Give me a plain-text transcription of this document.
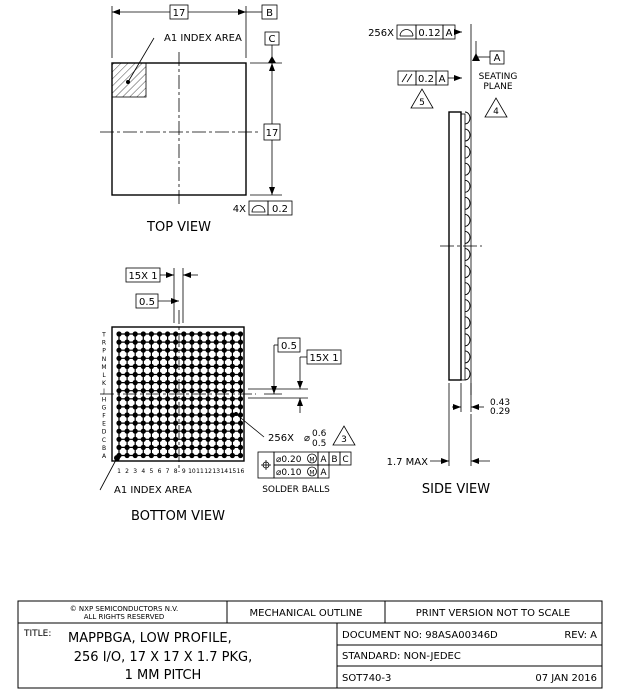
17	B
C
17
A1 INDEX AREA
4X	0.2
TOP VIEW
T
R
P
N
M
L
K
J
H
G
F
E
D
C
B
A
1 2 3 4 5 6 7 8 9 10 11 12 13 14 15 16
15X 1
0.5
0.5
15X 1
256X ⌀ 0.6
0.5 3
⌀0.20 M A B C
⌀0.10 M A
SOLDER BALLS
A1 INDEX AREA
BOTTOM VIEW
256X 0.12 A
0.2 A
5
A
SEATING
PLANE
4
0.43
0.29
1.7 MAX
SIDE VIEW
© NXP SEMICONDUCTORS N.V.
ALL RIGHTS RESERVED	MECHANICAL OUTLINE	PRINT VERSION NOT TO SCALE
TITLE: MAPPBGA, LOW PROFILE,
256 I/O, 17 X 17 X 1.7 PKG,
1 MM PITCH
DOCUMENT NO: 98ASA00346D	REV: A
STANDARD: NON-JEDEC
SOT740-3	07 JAN 2016
